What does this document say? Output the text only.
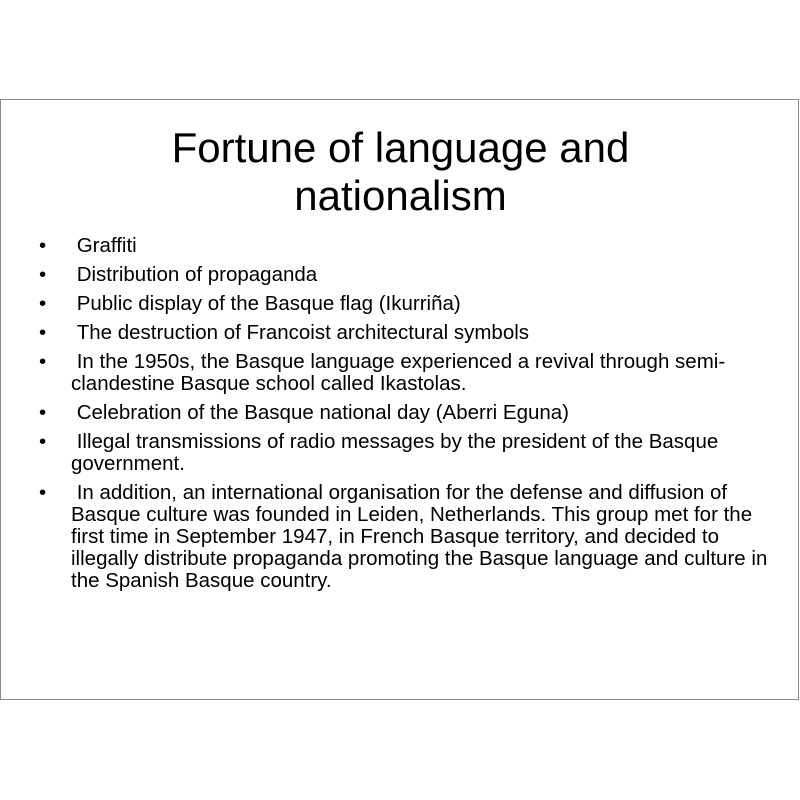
Fortune of language and
nationalism
• Graffiti
• Distribution of propaganda
• Public display of the Basque flag (Ikurriña)
• The destruction of Francoist architectural symbols
• In the 1950s, the Basque language experienced a revival through semi-clandestine Basque school called Ikastolas.
• Celebration of the Basque national day (Aberri Eguna)
• Illegal transmissions of radio messages by the president of the Basque government.
• In addition, an international organisation for the defense and diffusion of Basque culture was founded in Leiden, Netherlands. This group met for the first time in September 1947, in French Basque territory, and decided to illegally distribute propaganda promoting the Basque language and culture in the Spanish Basque country.
